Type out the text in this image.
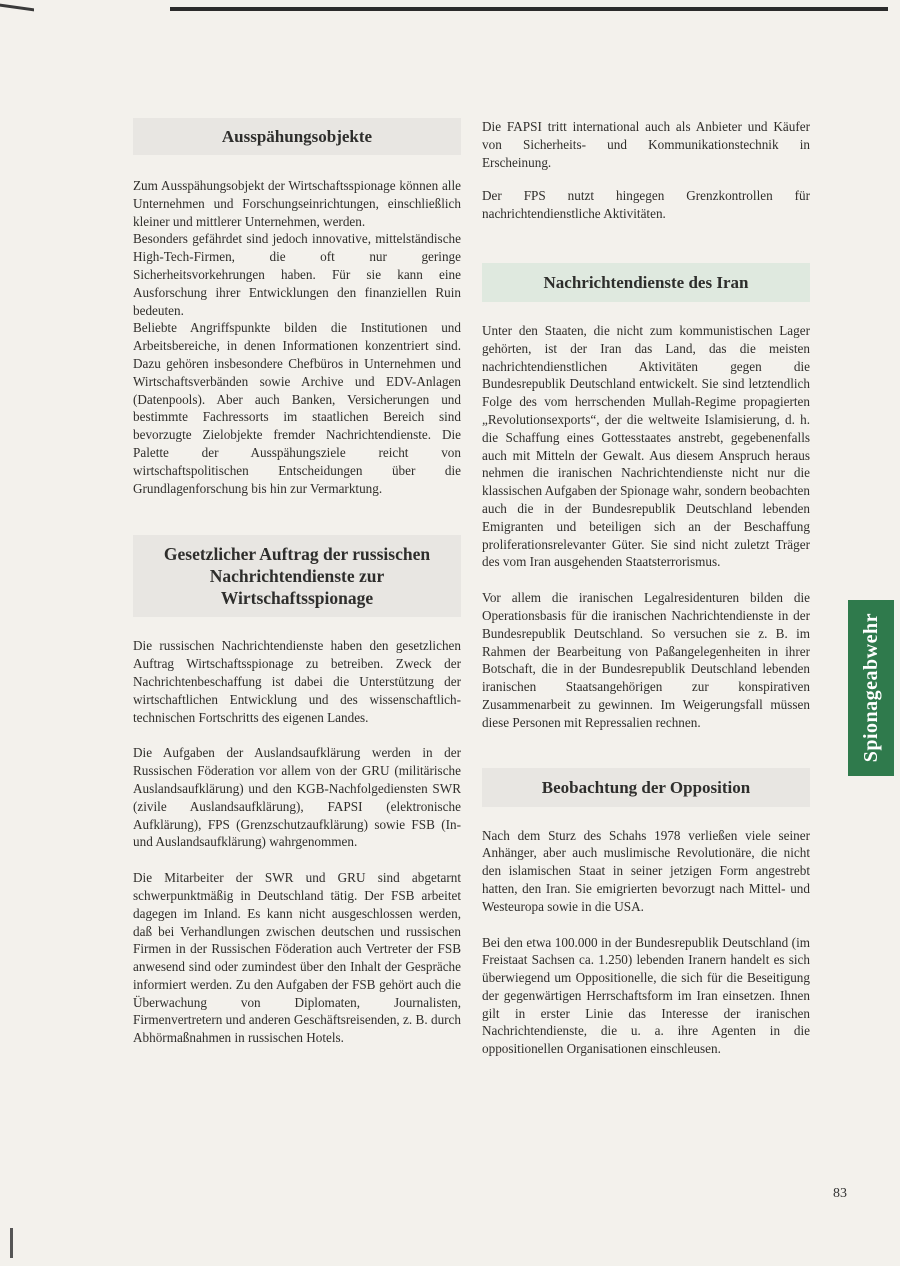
Ausspähungsobjekte

Zum Ausspähungsobjekt der Wirtschaftsspionage können alle Unternehmen und Forschungseinrichtungen, einschließlich kleiner und mittlerer Unternehmen, werden.

Besonders gefährdet sind jedoch innovative, mittelständische High-Tech-Firmen, die oft nur geringe Sicherheitsvorkehrungen haben. Für sie kann eine Ausforschung ihrer Entwicklungen den finanziellen Ruin bedeuten.

Beliebte Angriffspunkte bilden die Institutionen und Arbeitsbereiche, in denen Informationen konzentriert sind. Dazu gehören insbesondere Chefbüros in Unternehmen und Wirtschaftsverbänden sowie Archive und EDV-Anlagen (Datenpools). Aber auch Banken, Versicherungen und bestimmte Fachressorts im staatlichen Bereich sind bevorzugte Zielobjekte fremder Nachrichtendienste. Die Palette der Ausspähungsziele reicht von wirtschaftspolitischen Entscheidungen über die Grundlagenforschung bis hin zur Vermarktung.

Gesetzlicher Auftrag der russischen Nachrichtendienste zur Wirtschaftsspionage

Die russischen Nachrichtendienste haben den gesetzlichen Auftrag Wirtschaftsspionage zu betreiben. Zweck der Nachrichtenbeschaffung ist dabei die Unterstützung der wirtschaftlichen Entwicklung und des wissenschaftlich-technischen Fortschritts des eigenen Landes.

Die Aufgaben der Auslandsaufklärung werden in der Russischen Föderation vor allem von der GRU (militärische Auslandsaufklärung) und den KGB-Nachfolgediensten SWR (zivile Auslandsaufklärung), FAPSI (elektronische Aufklärung), FPS (Grenzschutzaufklärung) sowie FSB (In- und Auslandsaufklärung) wahrgenommen.

Die Mitarbeiter der SWR und GRU sind abgetarnt schwerpunktmäßig in Deutschland tätig. Der FSB arbeitet dagegen im Inland. Es kann nicht ausgeschlossen werden, daß bei Verhandlungen zwischen deutschen und russischen Firmen in der Russischen Föderation auch Vertreter der FSB anwesend sind oder zumindest über den Inhalt der Gespräche informiert werden. Zu den Aufgaben der FSB gehört auch die Überwachung von Diplomaten, Journalisten, Firmenvertretern und anderen Geschäftsreisenden, z. B. durch Abhörmaßnahmen in russischen Hotels.

Die FAPSI tritt international auch als Anbieter und Käufer von Sicherheits- und Kommunikationstechnik in Erscheinung.

Der FPS nutzt hingegen Grenzkontrollen für nachrichtendienstliche Aktivitäten.

Nachrichtendienste des Iran

Unter den Staaten, die nicht zum kommunistischen Lager gehörten, ist der Iran das Land, das die meisten nachrichtendienstlichen Aktivitäten gegen die Bundesrepublik Deutschland entwickelt. Sie sind letztendlich Folge des vom herrschenden Mullah-Regime propagierten „Revolutionsexports“, der die weltweite Islamisierung, d. h. die Schaffung eines Gottesstaates anstrebt, gegebenenfalls auch mit Mitteln der Gewalt. Aus diesem Anspruch heraus nehmen die iranischen Nachrichtendienste nicht nur die klassischen Aufgaben der Spionage wahr, sondern beobachten auch die in der Bundesrepublik Deutschland lebenden Emigranten und beteiligen sich an der Beschaffung proliferationsrelevanter Güter. Sie sind nicht zuletzt Träger des vom Iran ausgehenden Staatsterrorismus.

Vor allem die iranischen Legalresidenturen bilden die Operationsbasis für die iranischen Nachrichtendienste in der Bundesrepublik Deutschland. So versuchen sie z. B. im Rahmen der Bearbeitung von Paßangelegenheiten in ihrer Botschaft, die in der Bundesrepublik Deutschland lebenden iranischen Staatsangehörigen zur konspirativen Zusammenarbeit zu gewinnen. Im Weigerungsfall müssen diese Personen mit Repressalien rechnen.

Beobachtung der Opposition

Nach dem Sturz des Schahs 1978 verließen viele seiner Anhänger, aber auch muslimische Revolutionäre, die nicht den islamischen Staat in seiner jetzigen Form angestrebt hatten, den Iran. Sie emigrierten bevorzugt nach Mittel- und Westeuropa sowie in die USA.

Bei den etwa 100.000 in der Bundesrepublik Deutschland (im Freistaat Sachsen ca. 1.250) lebenden Iranern handelt es sich überwiegend um Oppositionelle, die sich für die Beseitigung der gegenwärtigen Herrschaftsform im Iran einsetzen. Ihnen gilt in erster Linie das Interesse der iranischen Nachrichtendienste, die u. a. ihre Agenten in die oppositionellen Organisationen einschleusen.

Spionageabwehr
83
